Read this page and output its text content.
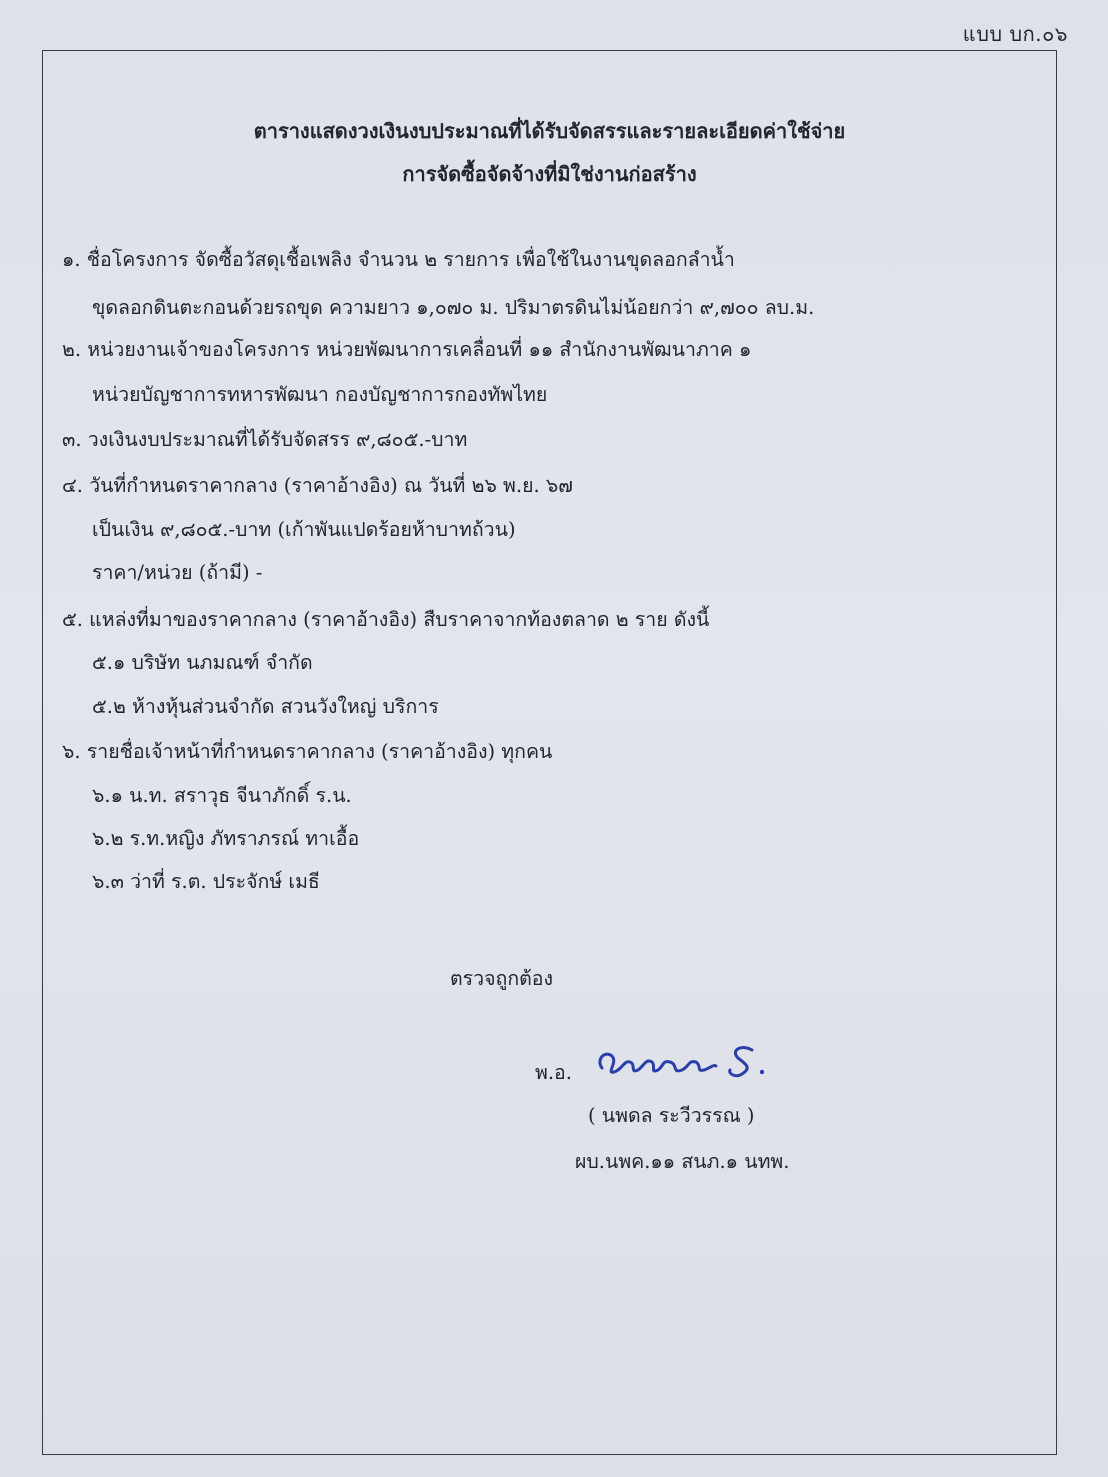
แบบ บก.๐๖
ตารางแสดงวงเงินงบประมาณที่ได้รับจัดสรรและรายละเอียดค่าใช้จ่าย
การจัดซื้อจัดจ้างที่มิใช่งานก่อสร้าง
๑. ชื่อโครงการ จัดซื้อวัสดุเชื้อเพลิง จำนวน ๒ รายการ เพื่อใช้ในงานขุดลอกลำน้ำ
ขุดลอกดินตะกอนด้วยรถขุด ความยาว ๑,๐๗๐ ม. ปริมาตรดินไม่น้อยกว่า ๙,๗๐๐ ลบ.ม.
๒. หน่วยงานเจ้าของโครงการ หน่วยพัฒนาการเคลื่อนที่ ๑๑ สำนักงานพัฒนาภาค ๑
หน่วยบัญชาการทหารพัฒนา กองบัญชาการกองทัพไทย
๓. วงเงินงบประมาณที่ได้รับจัดสรร ๙,๘๐๕.-บาท
๔. วันที่กำหนดราคากลาง (ราคาอ้างอิง) ณ วันที่ ๒๖ พ.ย. ๖๗
เป็นเงิน ๙,๘๐๕.-บาท (เก้าพันแปดร้อยห้าบาทถ้วน)
ราคา/หน่วย (ถ้ามี) -
๕. แหล่งที่มาของราคากลาง (ราคาอ้างอิง) สืบราคาจากท้องตลาด ๒ ราย ดังนี้
๕.๑ บริษัท นภมณฑ์ จำกัด
๕.๒ ห้างหุ้นส่วนจำกัด สวนวังใหญ่ บริการ
๖. รายชื่อเจ้าหน้าที่กำหนดราคากลาง (ราคาอ้างอิง) ทุกคน
๖.๑ น.ท. สราวุธ จีนาภักดิ์ ร.น.
๖.๒ ร.ท.หญิง ภัทราภรณ์ ทาเอื้อ
๖.๓ ว่าที่ ร.ต. ประจักษ์ เมธี
ตรวจถูกต้อง
พ.อ.
( นพดล ระวีวรรณ )
ผบ.นพค.๑๑ สนภ.๑ นทพ.
